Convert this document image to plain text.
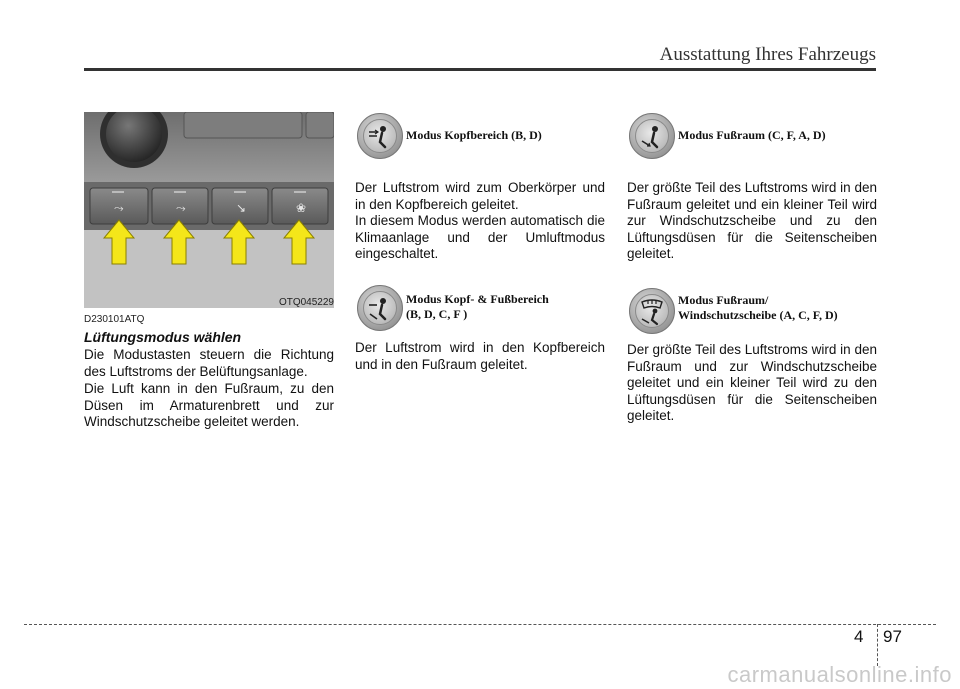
Ausstattung Ihres Fahrzeugs
⤳	⤳	↘	❀
OTQ045229
D230101ATQ
Lüftungsmodus wählen

Die Modustasten steuern die Richtung des Luftstroms der Belüftungsanlage.

Die Luft kann in den Fußraum, zu den Düsen im Armaturenbrett und zur Windschutzscheibe geleitet werden.

Modus Kopfbereich (B, D)

Der Luftstrom wird zum Oberkörper und in den Kopfbereich geleitet.

In diesem Modus werden automatisch die Klimaanlage und der Umluftmodus eingeschaltet.

Modus Kopf- & Fußbereich
(B, D, C, F )

Der Luftstrom wird in den Kopfbereich und in den Fußraum geleitet.

Modus Fußraum (C, F, A, D)

Der größte Teil des Luftstroms wird in den Fußraum geleitet und ein kleiner Teil wird zur Windschutzscheibe und zu den Lüftungsdüsen für die Seitenscheiben geleitet.

Modus Fußraum/
Windschutzscheibe (A, C, F, D)

Der größte Teil des Luftstroms wird in den Fußraum und zur Windschutzscheibe geleitet und ein kleiner Teil wird zu den Lüftungsdüsen für die Seitenscheiben geleitet.

4 97
carmanualsonline.info
